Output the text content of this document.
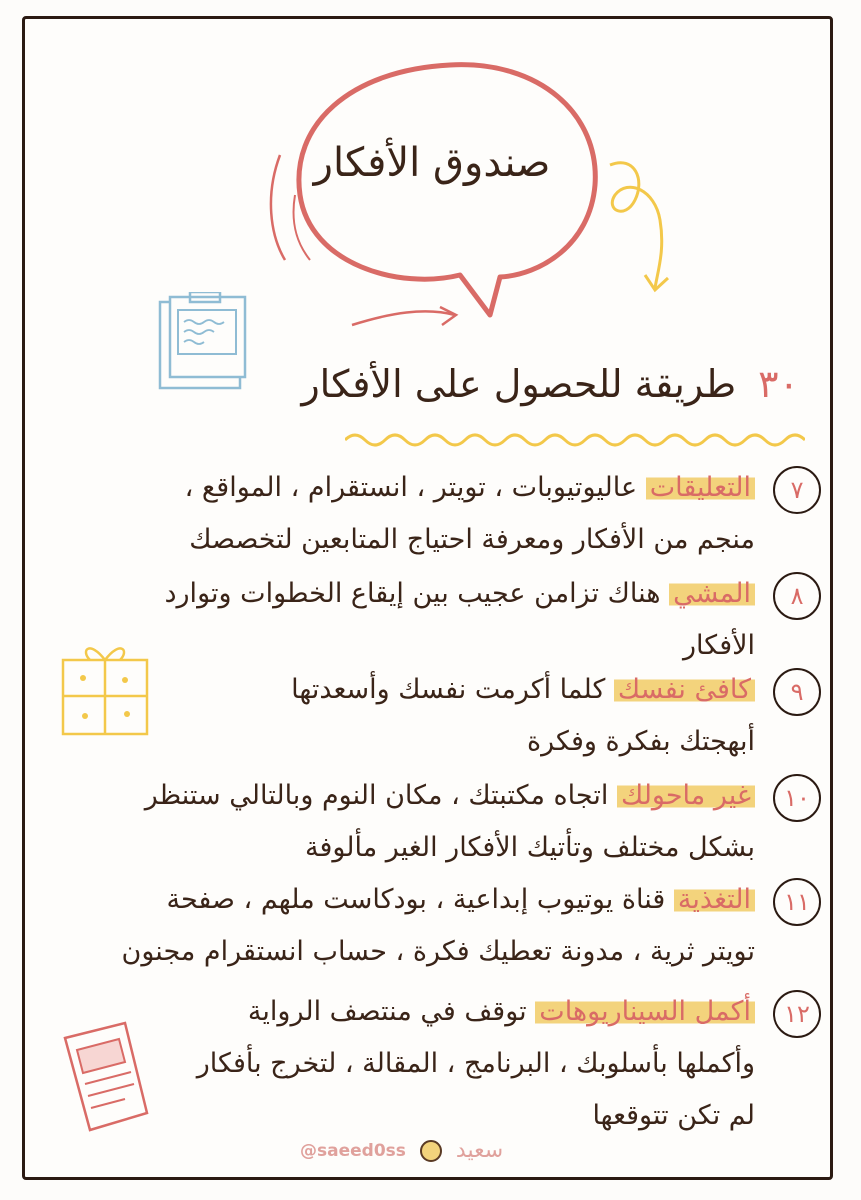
صندوق الأفكار
٣٠ طريقة للحصول على الأفكار
٧
التعليقات عاليوتيوبات ، تويتر ، انستقرام ، المواقع ،
منجم من الأفكار ومعرفة احتياج المتابعين لتخصصك
٨
المشي هناك تزامن عجيب بين إيقاع الخطوات وتوارد
الأفكار
٩
كافئ نفسك كلما أكرمت نفسك وأسعدتها
أبهجتك بفكرة وفكرة
١٠
غير ماحولك اتجاه مكتبتك ، مكان النوم وبالتالي ستنظر
بشكل مختلف وتأتيك الأفكار الغير مألوفة
١١
التغذية قناة يوتيوب إبداعية ، بودكاست ملهم ، صفحة
تويتر ثرية ، مدونة تعطيك فكرة ، حساب انستقرام مجنون
١٢
أكمل السيناريوهات توقف في منتصف الرواية
وأكملها بأسلوبك ، البرنامج ، المقالة ، لتخرج بأفكار
لم تكن تتوقعها
@saeed0ss سعيد
